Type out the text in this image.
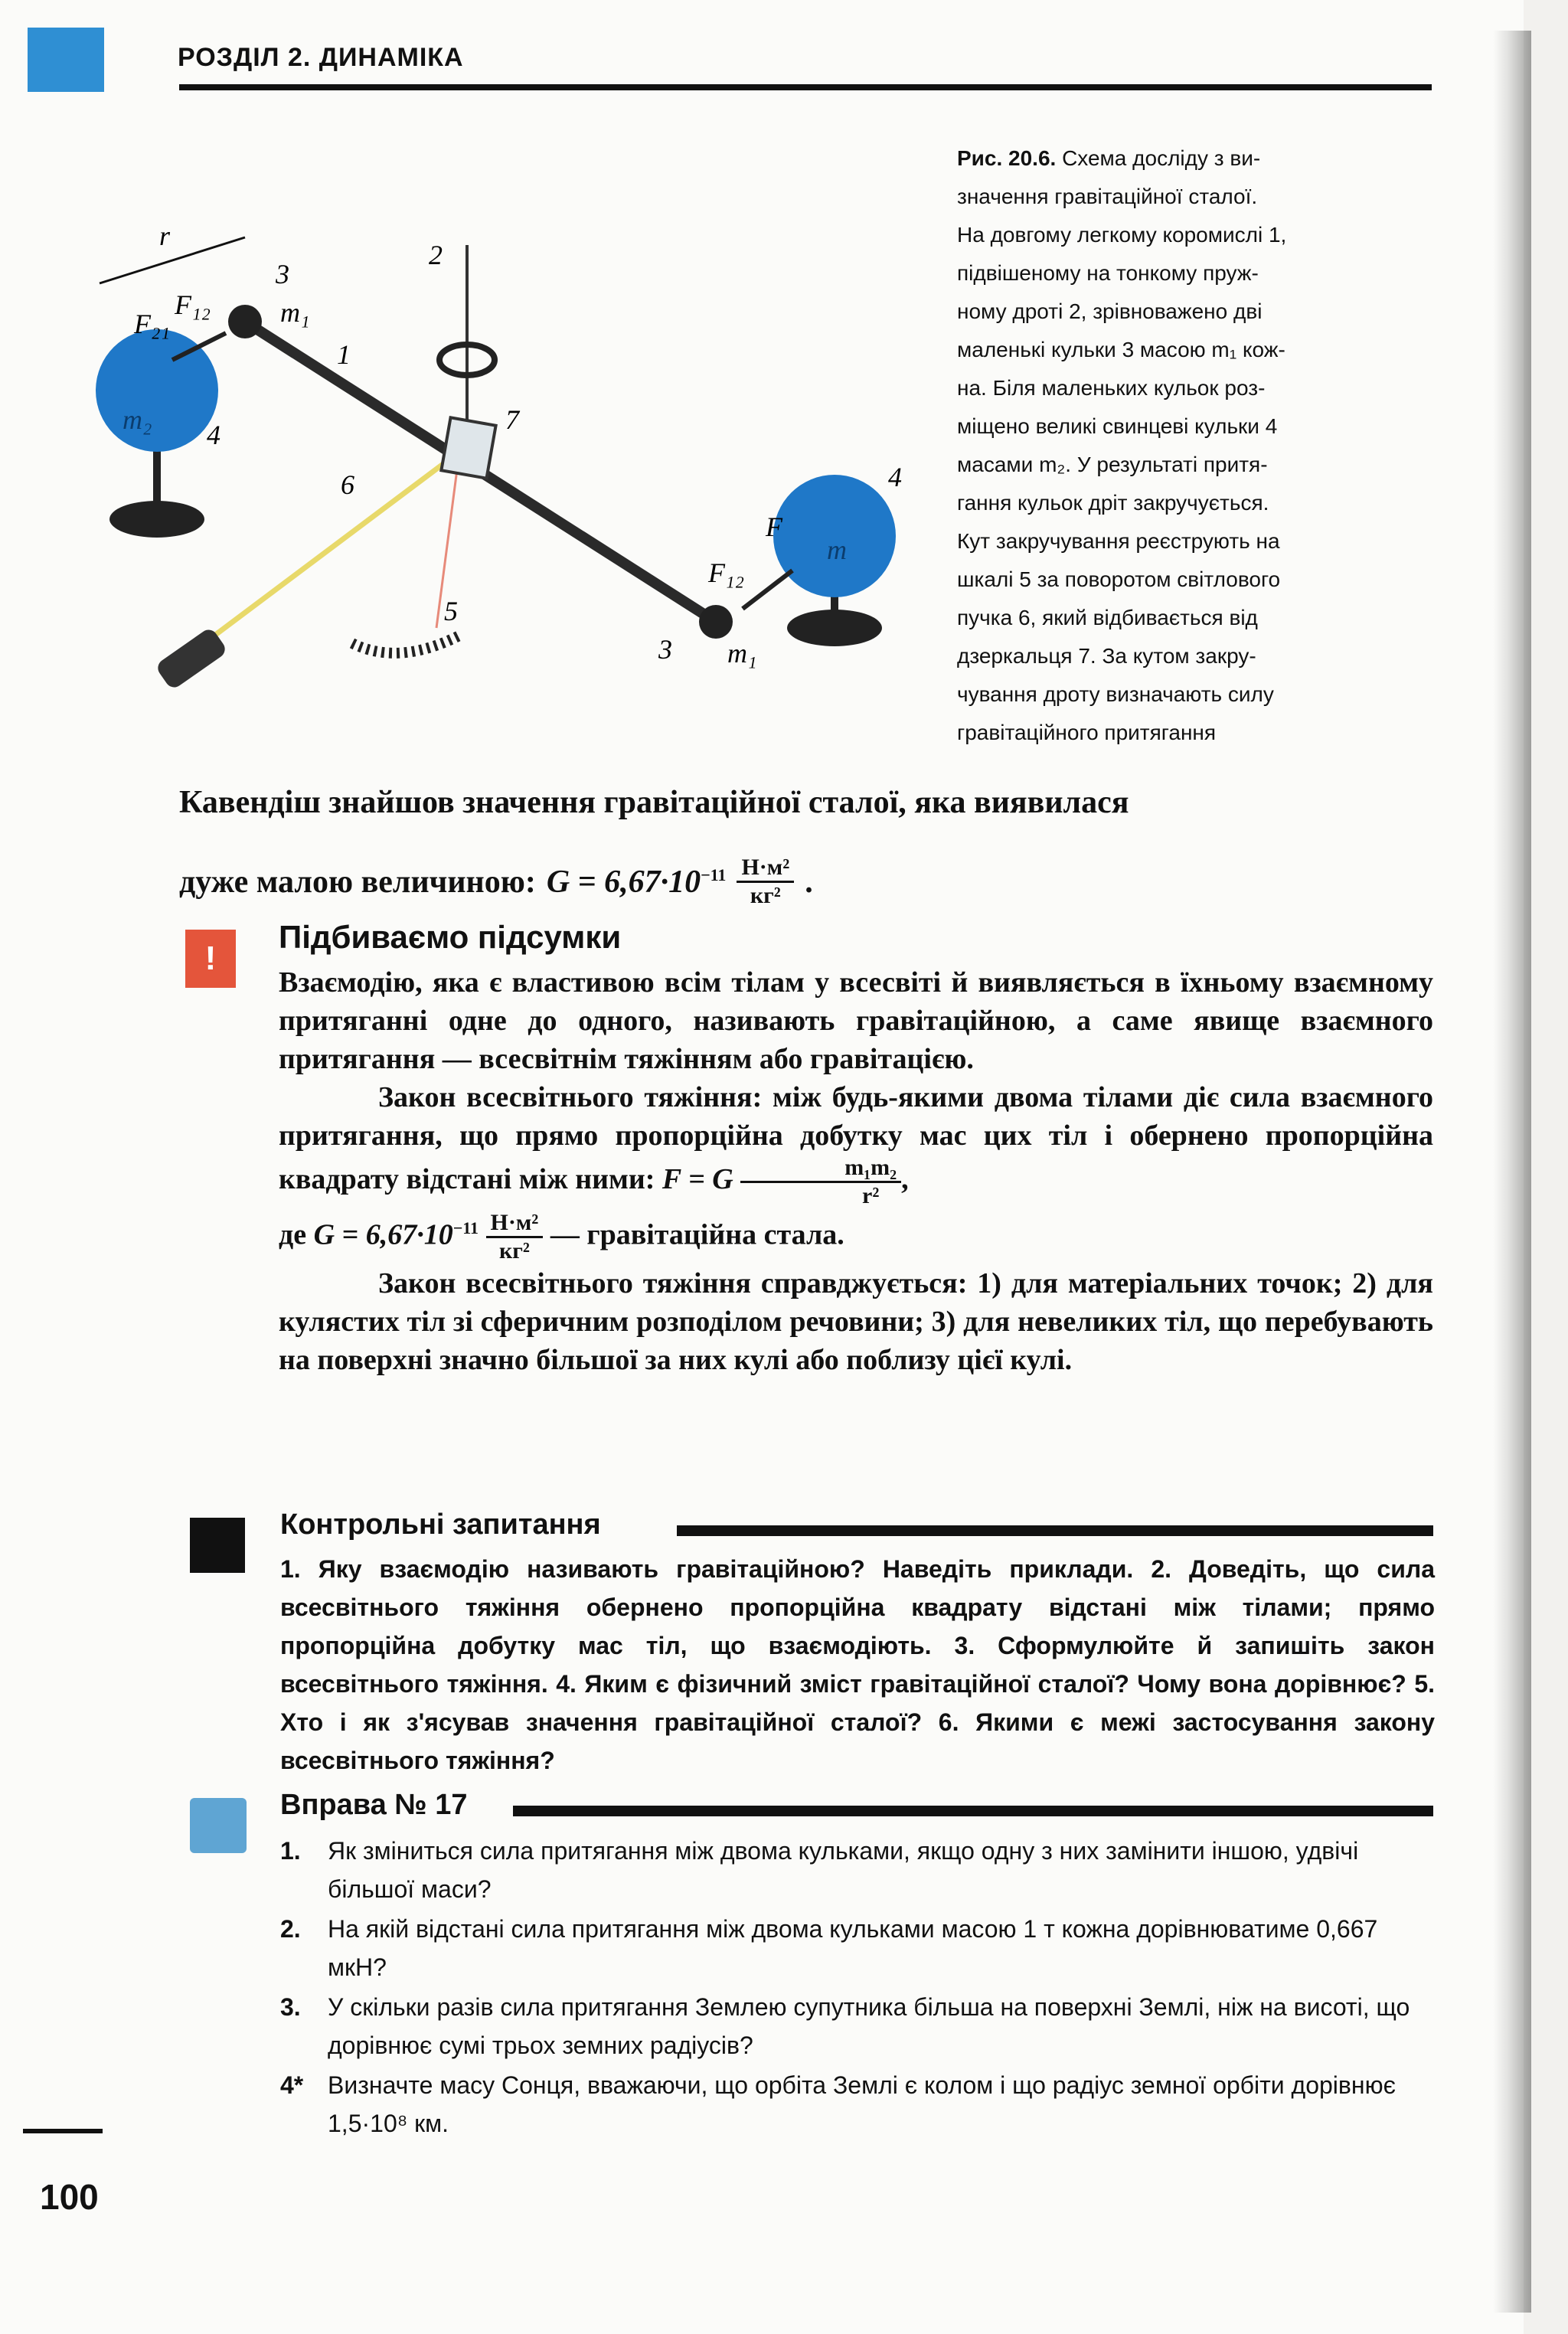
РОЗДІЛ 2. ДИНАМІКА
r
2
3
1
7
4
6	4
5
3
m₁
m₁
m₂
m
F₂₁
F₁₂
F₁₂
F
Рис. 20.6. Схема досліду з ви-
значення гравітаційної сталої.
На довгому легкому коромислі 1,
підвішеному на тонкому пруж-
ному дроті 2, зрівноважено дві
маленькі кульки 3 масою m₁ кож-
на. Біля маленьких кульок роз-
міщено великі свинцеві кульки 4
масами m₂. У результаті притя-
гання кульок дріт закручується.
Кут закручування реєструють на
шкалі 5 за поворотом світлового
пучка 6, який відбивається від
дзеркальця 7. За кутом закру-
чування дроту визначають силу
гравітаційного притягання
Кавендіш знайшов значення гравітаційної сталої, яка виявилася
дуже малою величиною: $G = 6,67\cdot 10^{-11} \frac{\text{Н·м²}}{\text{кг²}}$ .
!
Підбиваємо підсумки

Взаємодію, яка є властивою всім тілам у всесвіті й виявляється в їхньому взаємному притяганні одне до одного, називають гравітаційною, а саме явище взаємного притягання — всесвітнім тяжінням або гравітацією.

Закон всесвітнього тяжіння: між будь-якими двома тілами діє сила взаємного притягання, що прямо пропорційна добутку мас цих тіл і обернено пропорційна квадрату відстані між ними: F = G $\frac{\text{m₁m₂}}{\text{r²}}$ ,

де $G = 6,67\cdot 10^{-11} \frac{\text{Н·м²}}{\text{кг²}}$ — гравітаційна стала.

Закон всесвітнього тяжіння справджується: 1) для матеріальних точок; 2) для кулястих тіл зі сферичним розподілом речовини; 3) для невеликих тіл, що перебувають на поверхні значно більшої за них кулі або поблизу цієї кулі.

Контрольні запитання
1. Яку взаємодію називають гравітаційною? Наведіть приклади. 2. Доведіть, що сила всесвітнього тяжіння обернено пропорційна квадрату відстані між тілами; прямо пропорційна добутку мас тіл, що взаємодіють. 3. Сформулюйте й запишіть закон всесвітнього тяжіння. 4. Яким є фізичний зміст гравітаційної сталої? Чому вона дорівнює? 5. Хто і як з'ясував значення гравітаційної сталої? 6. Якими є межі застосування закону всесвітнього тяжіння?
Вправа № 17
1.	Як зміниться сила притягання між двома кульками, якщо одну з них замінити іншою, удвічі більшої маси?
2.	На якій відстані сила притягання між двома кульками масою 1 т кожна дорівнюватиме 0,667 мкН?
3.	У скільки разів сила притягання Землею супутника більша на поверхні Землі, ніж на висоті, що дорівнює сумі трьох земних радіусів?
4* Визначте масу Сонця, вважаючи, що орбіта Землі є колом і що радіус земної орбіти дорівнює 1,5·10⁸ км.
100
